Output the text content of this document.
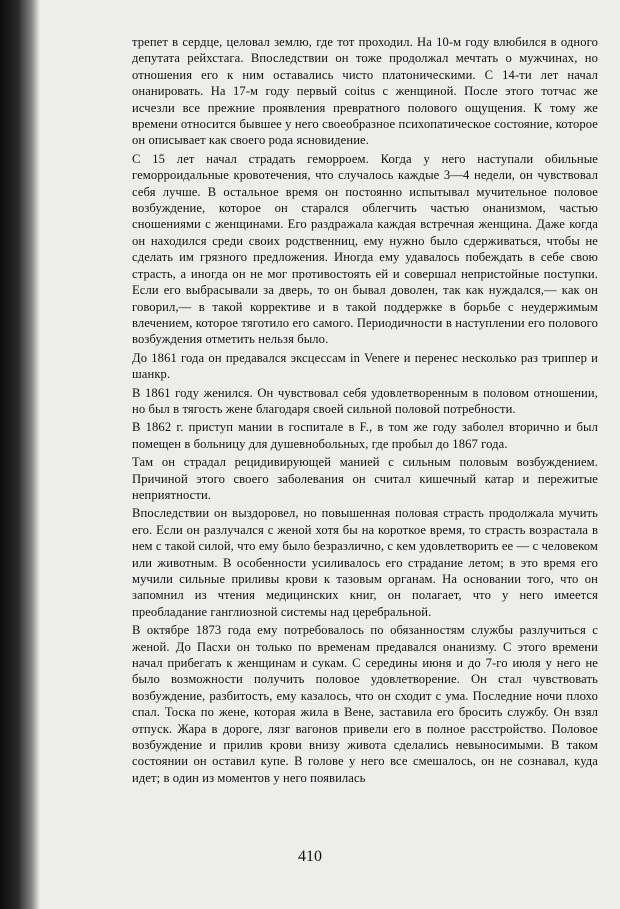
трепет в сердце, целовал землю, где тот проходил. На 10-м году влюбился в одного депутата рейхстага. Впоследствии он тоже продолжал мечтать о мужчинах, но отношения его к ним оставались чисто платоническими. С 14-ти лет начал онанировать. На 17-м году первый coitus с женщиной. После этого тотчас же исчезли все прежние проявления превратного полового ощущения. К тому же времени относится бывшее у него своеобразное психопатическое состояние, которое он описывает как своего рода ясновидение.

С 15 лет начал страдать геморроем. Когда у него наступали обильные геморроидальные кровотечения, что случалось каждые 3—4 недели, он чувствовал себя лучше. В остальное время он постоянно испытывал мучительное половое возбуждение, которое он старался облегчить частью онанизмом, частью сношениями с женщинами. Его раздражала каждая встречная женщина. Даже когда он находился среди своих родственниц, ему нужно было сдерживаться, чтобы не сделать им грязного предложения. Иногда ему удавалось побеждать в себе свою страсть, а иногда он не мог противостоять ей и совершал непристойные поступки. Если его выбрасывали за дверь, то он бывал доволен, так как нуждался,— как он говорил,— в такой коррективе и в такой поддержке в борьбе с неудержимым влечением, которое тяготило его самого. Периодичности в наступлении его полового возбуждения отметить нельзя было.

До 1861 года он предавался эксцессам in Venere и перенес несколько раз триппер и шанкр.

В 1861 году женился. Он чувствовал себя удовлетворенным в половом отношении, но был в тягость жене благодаря своей сильной половой потребности.

В 1862 г. приступ мании в госпитале в F., в том же году заболел вторично и был помещен в больницу для душевнобольных, где пробыл до 1867 года.

Там он страдал рецидивирующей манией с сильным половым возбуждением. Причиной этого своего заболевания он считал кишечный катар и пережитые неприятности.

Впоследствии он выздоровел, но повышенная половая страсть продолжала мучить его. Если он разлучался с женой хотя бы на короткое время, то страсть возрастала в нем с такой силой, что ему было безразлично, с кем удовлетворить ее — с человеком или животным. В особенности усиливалось его страдание летом; в это время его мучили сильные приливы крови к тазовым органам. На основании того, что он запомнил из чтения медицинских книг, он полагает, что у него имеется преобладание ганглиозной системы над церебральной.

В октябре 1873 года ему потребовалось по обязанностям службы разлучиться с женой. До Пасхи он только по временам предавался онанизму. С этого времени начал прибегать к женщинам и сукам. С середины июня и до 7-го июля у него не было возможности получить половое удовлетворение. Он стал чувствовать возбуждение, разбитость, ему казалось, что он сходит с ума. Последние ночи плохо спал. Тоска по жене, которая жила в Вене, заставила его бросить службу. Он взял отпуск. Жара в дороге, лязг вагонов привели его в полное расстройство. Половое возбуждение и прилив крови внизу живота сделались невыносимыми. В таком состоянии он оставил купе. В голове у него все смешалось, он не сознавал, куда идет; в один из моментов у него появилась

410
